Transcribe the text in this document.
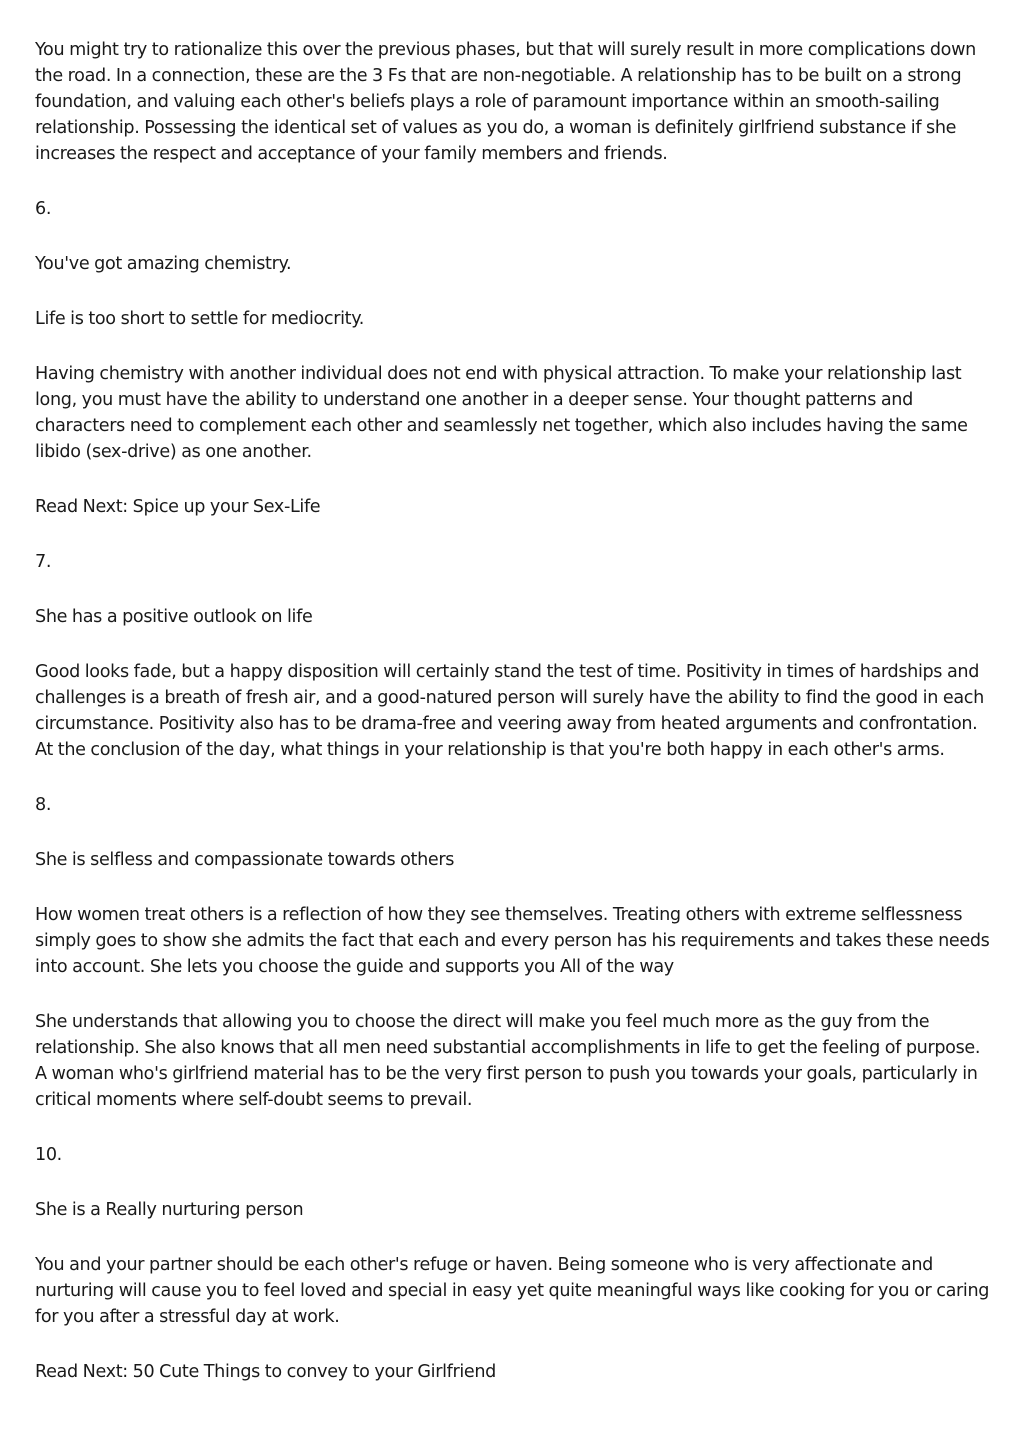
You might try to rationalize this over the previous phases, but that will surely result in more complications down the road. In a connection, these are the 3 Fs that are non-negotiable. A relationship has to be built on a strong foundation, and valuing each other's beliefs plays a role of paramount importance within an smooth-sailing relationship. Possessing the identical set of values as you do, a woman is definitely girlfriend substance if she increases the respect and acceptance of your family members and friends.

6.

You've got amazing chemistry.

Life is too short to settle for mediocrity.

Having chemistry with another individual does not end with physical attraction. To make your relationship last long, you must have the ability to understand one another in a deeper sense. Your thought patterns and characters need to complement each other and seamlessly net together, which also includes having the same libido (sex-drive) as one another.

Read Next: Spice up your Sex-Life

7.

She has a positive outlook on life

Good looks fade, but a happy disposition will certainly stand the test of time. Positivity in times of hardships and challenges is a breath of fresh air, and a good-natured person will surely have the ability to find the good in each circumstance. Positivity also has to be drama-free and veering away from heated arguments and confrontation. At the conclusion of the day, what things in your relationship is that you're both happy in each other's arms.

8.

She is selfless and compassionate towards others

How women treat others is a reflection of how they see themselves. Treating others with extreme selflessness simply goes to show she admits the fact that each and every person has his requirements and takes these needs into account. She lets you choose the guide and supports you All of the way

She understands that allowing you to choose the direct will make you feel much more as the guy from the relationship. She also knows that all men need substantial accomplishments in life to get the feeling of purpose. A woman who's girlfriend material has to be the very first person to push you towards your goals, particularly in critical moments where self-doubt seems to prevail.

10.

She is a Really nurturing person

You and your partner should be each other's refuge or haven. Being someone who is very affectionate and nurturing will cause you to feel loved and special in easy yet quite meaningful ways like cooking for you or caring for you after a stressful day at work.

Read Next: 50 Cute Things to convey to your Girlfriend
